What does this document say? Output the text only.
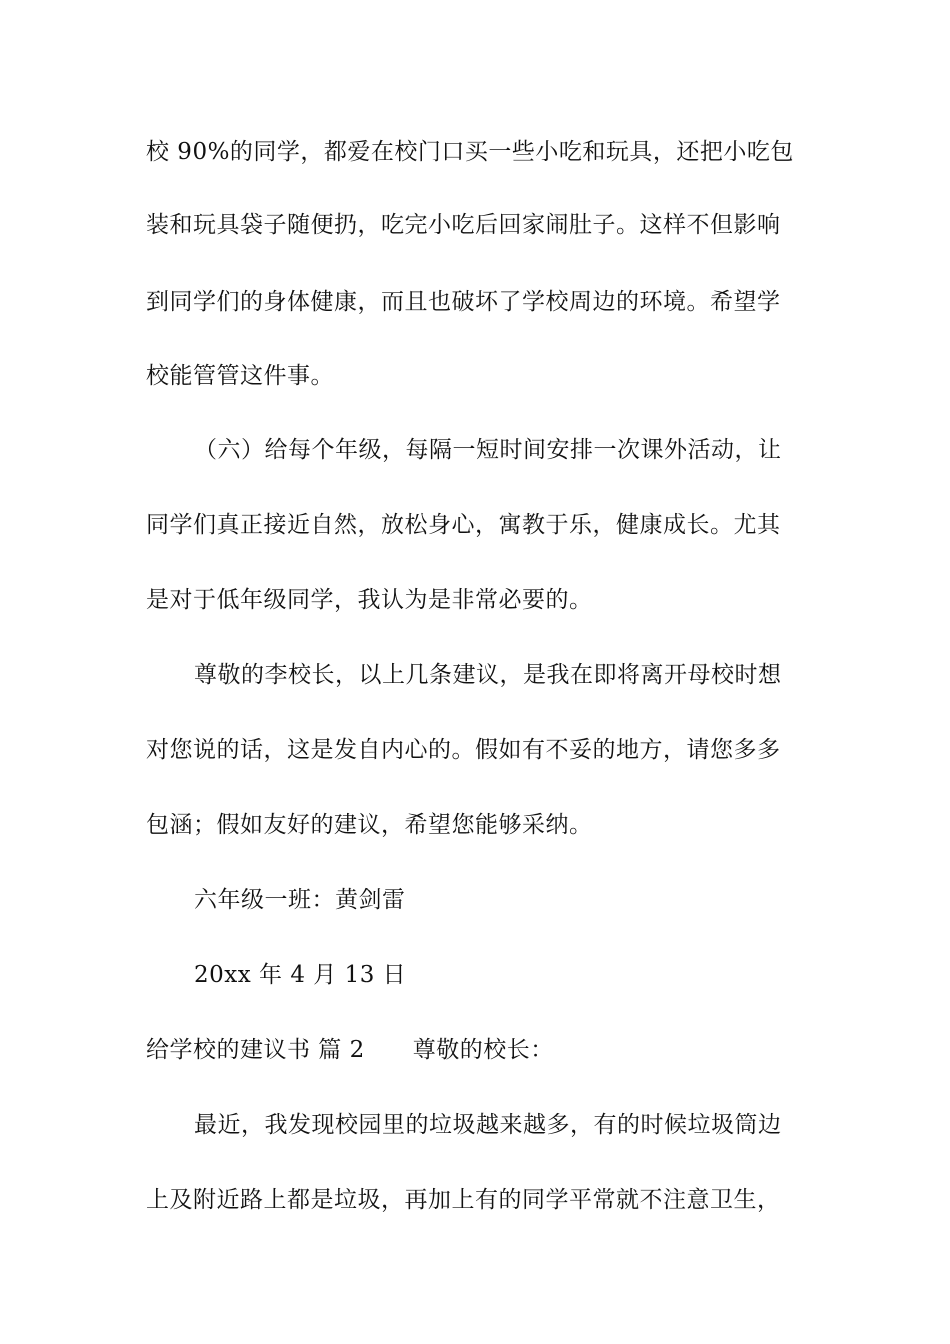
校 90%的同学，都爱在校门口买一些小吃和玩具，还把小吃包
装和玩具袋子随便扔，吃完小吃后回家闹肚子。这样不但影响
到同学们的身体健康，而且也破坏了学校周边的环境。希望学
校能管管这件事。
（六）给每个年级，每隔一短时间安排一次课外活动，让
同学们真正接近自然，放松身心，寓教于乐，健康成长。尤其
是对于低年级同学，我认为是非常必要的。
尊敬的李校长，以上几条建议，是我在即将离开母校时想
对您说的话，这是发自内心的。假如有不妥的地方，请您多多
包涵；假如友好的建议，希望您能够采纳。
六年级一班：黄剑雷
20xx 年 4 月 13 日
给学校的建议书 篇 2 尊敬的校长：
最近，我发现校园里的垃圾越来越多，有的时候垃圾筒边
上及附近路上都是垃圾，再加上有的同学平常就不注意卫生，
